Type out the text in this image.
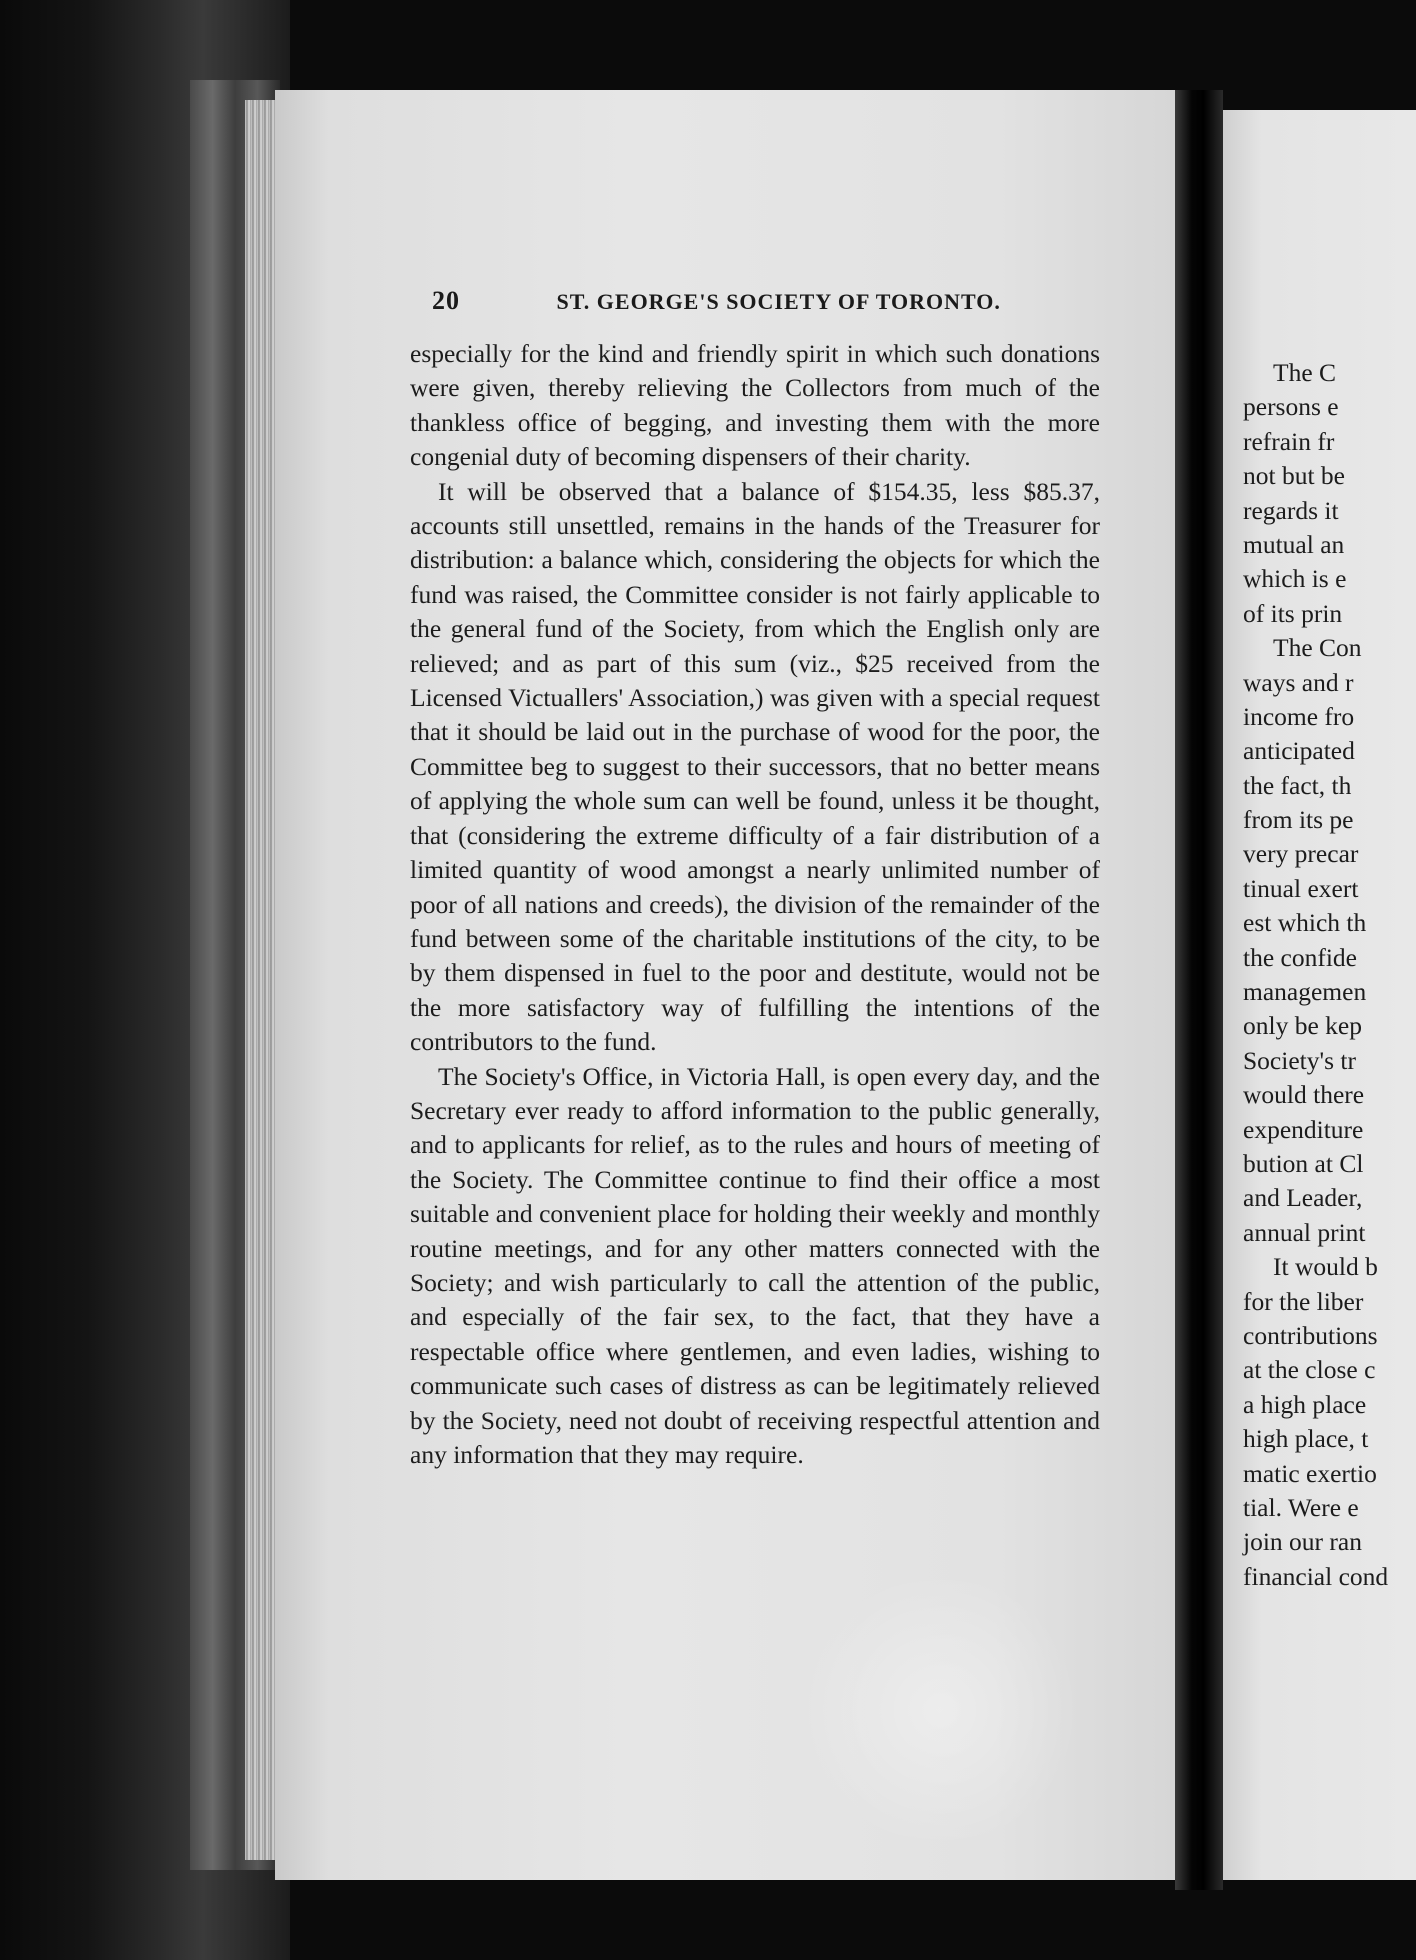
20	ST. GEORGE'S SOCIETY OF TORONTO.

especially for the kind and friendly spirit in which such donations were given, thereby relieving the Collectors from much of the thankless office of begging, and investing them with the more congenial duty of becoming dispensers of their charity.

It will be observed that a balance of $154.35, less $85.37, accounts still unsettled, remains in the hands of the Treasurer for distribution: a balance which, considering the objects for which the fund was raised, the Committee consider is not fairly applicable to the general fund of the Society, from which the English only are relieved; and as part of this sum (viz., $25 received from the Licensed Victuallers' Association,) was given with a special request that it should be laid out in the purchase of wood for the poor, the Committee beg to suggest to their successors, that no better means of applying the whole sum can well be found, unless it be thought, that (considering the extreme difficulty of a fair distribution of a limited quantity of wood amongst a nearly unlimited number of poor of all nations and creeds), the division of the remainder of the fund between some of the charitable institutions of the city, to be by them dispensed in fuel to the poor and destitute, would not be the more satisfactory way of fulfilling the intentions of the contributors to the fund.

The Society's Office, in Victoria Hall, is open every day, and the Secretary ever ready to afford information to the public generally, and to applicants for relief, as to the rules and hours of meeting of the Society. The Committee continue to find their office a most suitable and convenient place for holding their weekly and monthly routine meetings, and for any other matters connected with the Society; and wish particularly to call the attention of the public, and especially of the fair sex, to the fact, that they have a respectable office where gentlemen, and even ladies, wishing to communicate such cases of distress as can be legitimately relieved by the Society, need not doubt of receiving respectful attention and any information that they may require.

The C
persons e
refrain fr
not but be
regards it
mutual an
which is e
of its prin
The Con
ways and r
income fro
anticipated
the fact, th
from its pe
very precar
tinual exert
est which th
the confide
managemen
only be kep
Society's tr
would there
expenditure
bution at Cl
and Leader,
annual print
It would b
for the liber
contributions
at the close c
a high place
high place, t
matic exertio
tial. Were e
join our ran
financial cond
